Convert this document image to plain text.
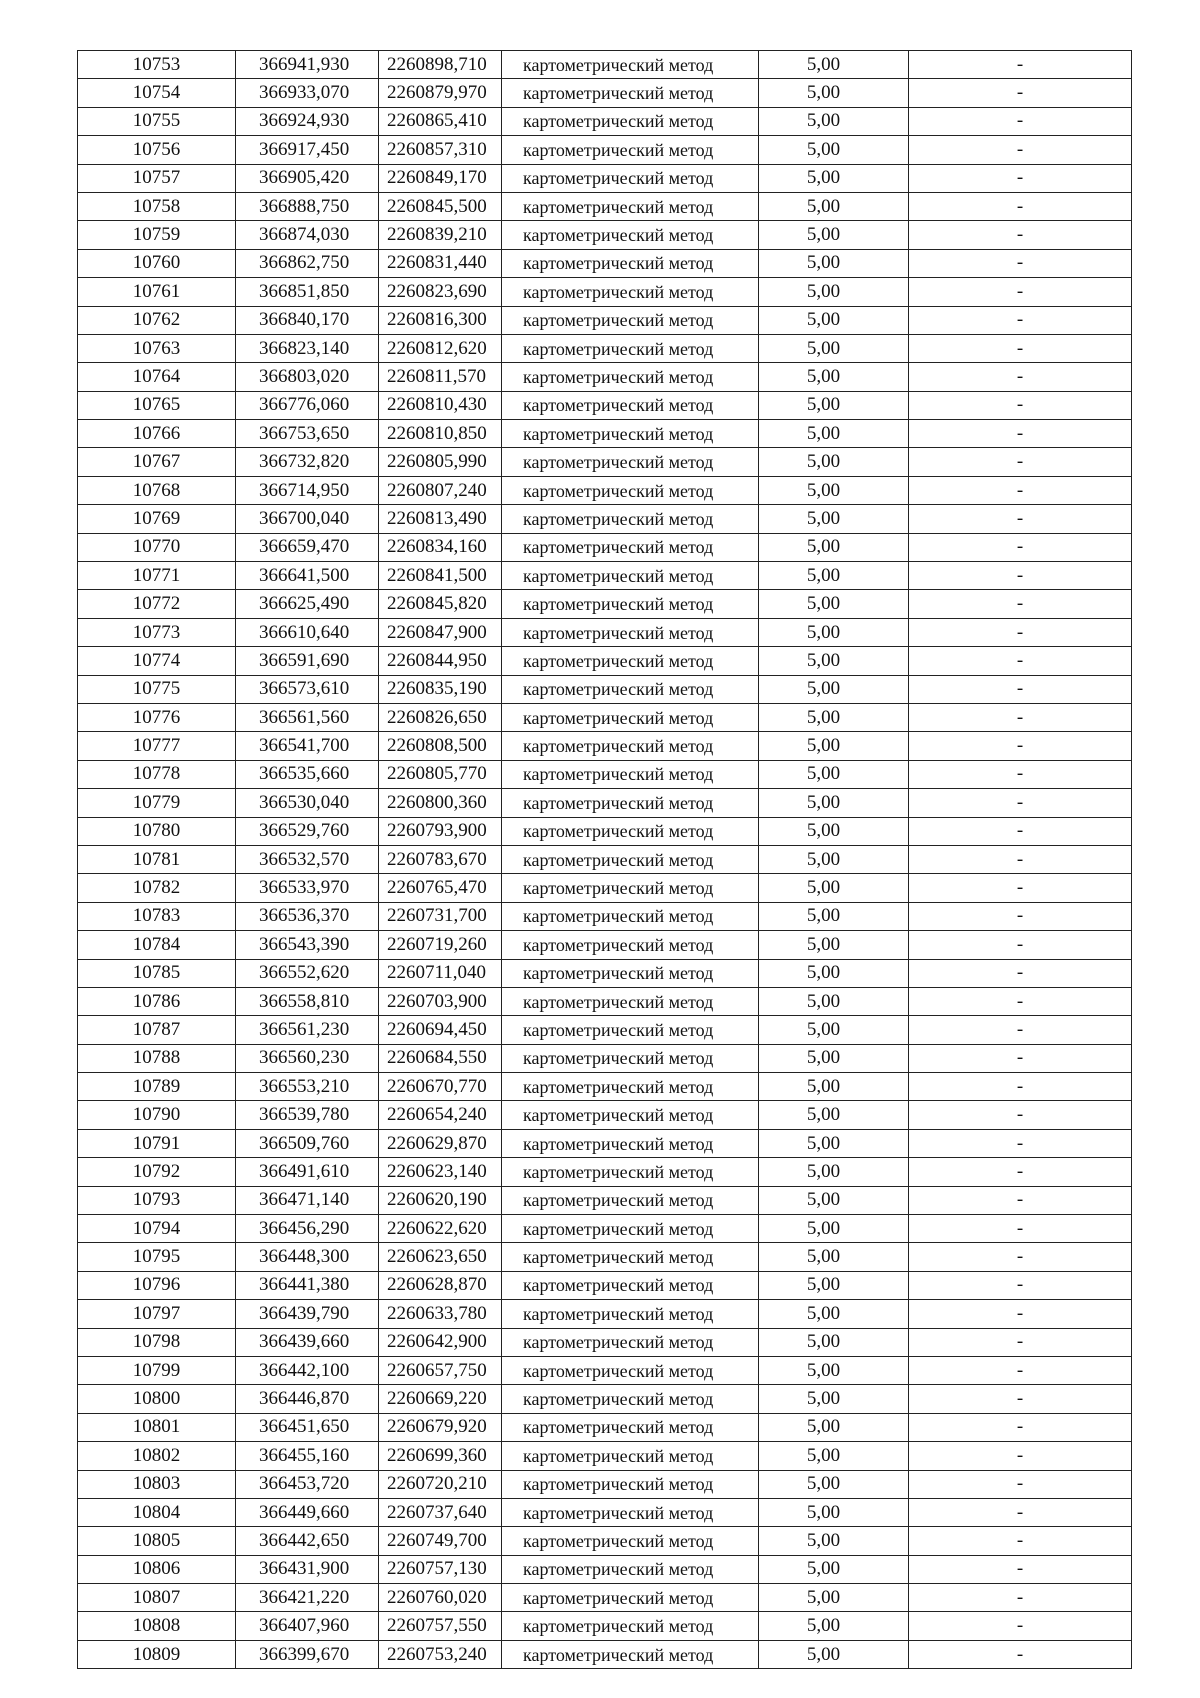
10753	366941,930	2260898,710	картометрический метод	5,00	-
10754	366933,070	2260879,970	картометрический метод	5,00	-
10755	366924,930	2260865,410	картометрический метод	5,00	-
10756	366917,450	2260857,310	картометрический метод	5,00	-
10757	366905,420	2260849,170	картометрический метод	5,00	-
10758	366888,750	2260845,500	картометрический метод	5,00	-
10759	366874,030	2260839,210	картометрический метод	5,00	-
10760	366862,750	2260831,440	картометрический метод	5,00	-
10761	366851,850	2260823,690	картометрический метод	5,00	-
10762	366840,170	2260816,300	картометрический метод	5,00	-
10763	366823,140	2260812,620	картометрический метод	5,00	-
10764	366803,020	2260811,570	картометрический метод	5,00	-
10765	366776,060	2260810,430	картометрический метод	5,00	-
10766	366753,650	2260810,850	картометрический метод	5,00	-
10767	366732,820	2260805,990	картометрический метод	5,00	-
10768	366714,950	2260807,240	картометрический метод	5,00	-
10769	366700,040	2260813,490	картометрический метод	5,00	-
10770	366659,470	2260834,160	картометрический метод	5,00	-
10771	366641,500	2260841,500	картометрический метод	5,00	-
10772	366625,490	2260845,820	картометрический метод	5,00	-
10773	366610,640	2260847,900	картометрический метод	5,00	-
10774	366591,690	2260844,950	картометрический метод	5,00	-
10775	366573,610	2260835,190	картометрический метод	5,00	-
10776	366561,560	2260826,650	картометрический метод	5,00	-
10777	366541,700	2260808,500	картометрический метод	5,00	-
10778	366535,660	2260805,770	картометрический метод	5,00	-
10779	366530,040	2260800,360	картометрический метод	5,00	-
10780	366529,760	2260793,900	картометрический метод	5,00	-
10781	366532,570	2260783,670	картометрический метод	5,00	-
10782	366533,970	2260765,470	картометрический метод	5,00	-
10783	366536,370	2260731,700	картометрический метод	5,00	-
10784	366543,390	2260719,260	картометрический метод	5,00	-
10785	366552,620	2260711,040	картометрический метод	5,00	-
10786	366558,810	2260703,900	картометрический метод	5,00	-
10787	366561,230	2260694,450	картометрический метод	5,00	-
10788	366560,230	2260684,550	картометрический метод	5,00	-
10789	366553,210	2260670,770	картометрический метод	5,00	-
10790	366539,780	2260654,240	картометрический метод	5,00	-
10791	366509,760	2260629,870	картометрический метод	5,00	-
10792	366491,610	2260623,140	картометрический метод	5,00	-
10793	366471,140	2260620,190	картометрический метод	5,00	-
10794	366456,290	2260622,620	картометрический метод	5,00	-
10795	366448,300	2260623,650	картометрический метод	5,00	-
10796	366441,380	2260628,870	картометрический метод	5,00	-
10797	366439,790	2260633,780	картометрический метод	5,00	-
10798	366439,660	2260642,900	картометрический метод	5,00	-
10799	366442,100	2260657,750	картометрический метод	5,00	-
10800	366446,870	2260669,220	картометрический метод	5,00	-
10801	366451,650	2260679,920	картометрический метод	5,00	-
10802	366455,160	2260699,360	картометрический метод	5,00	-
10803	366453,720	2260720,210	картометрический метод	5,00	-
10804	366449,660	2260737,640	картометрический метод	5,00	-
10805	366442,650	2260749,700	картометрический метод	5,00	-
10806	366431,900	2260757,130	картометрический метод	5,00	-
10807	366421,220	2260760,020	картометрический метод	5,00	-
10808	366407,960	2260757,550	картометрический метод	5,00	-
10809	366399,670	2260753,240	картометрический метод	5,00	-
